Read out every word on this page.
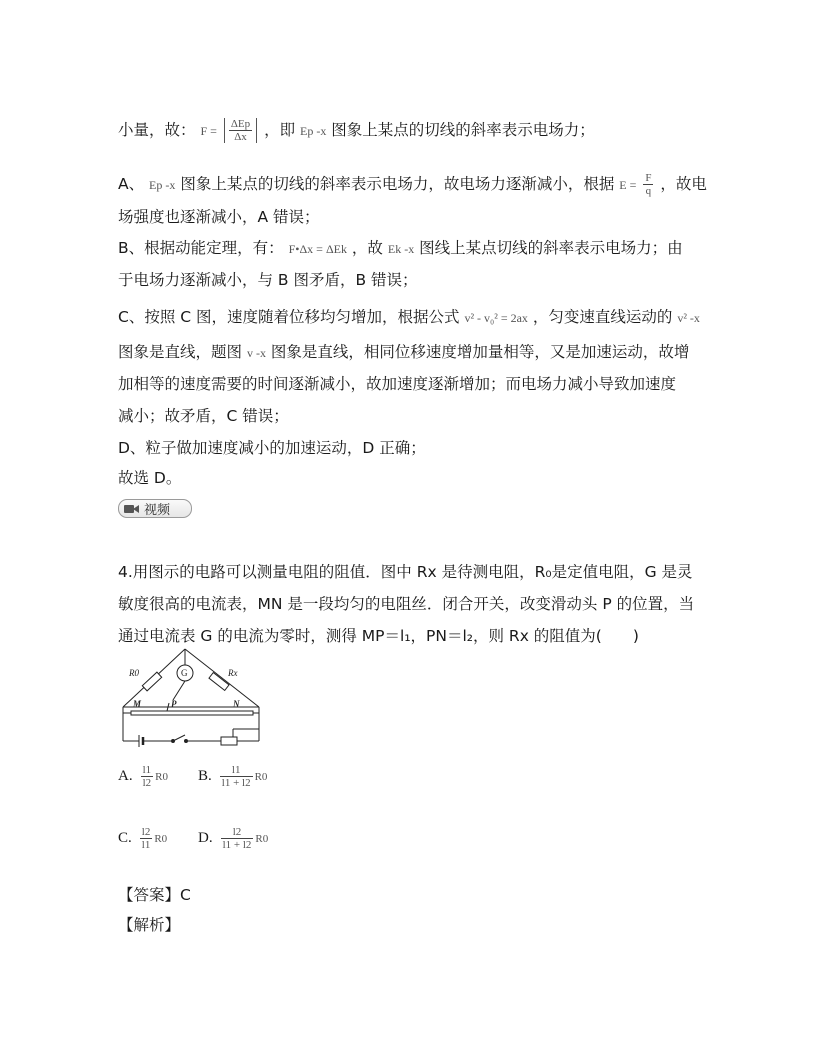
小量，故： $F = \frac{\text{ΔEp}}{\Delta x}$ ，即 Ep -x 图象上某点的切线的斜率表示电场力；
A、 Ep -x 图象上某点的切线的斜率表示电场力，故电场力逐渐减小，根据 $E = \frac{F}{q}$ ，故电
场强度也逐渐减小，A 错误；
B、根据动能定理，有： F•Δx = ΔEk ，故 Ek -x 图线上某点切线的斜率表示电场力；由
于电场力逐渐减小，与 B 图矛盾，B 错误；
C、按照 C 图，速度随着位移均匀增加，根据公式 v² - v₀² = 2ax ，匀变速直线运动的 v² -x
图象是直线，题图 v -x 图象是直线，相同位移速度增加量相等，又是加速运动，故增
加相等的速度需要的时间逐渐减小，故加速度逐渐增加；而电场力减小导致加速度
减小；故矛盾，C 错误；
D、粒子做加速度减小的加速运动，D 正确；
故选 D。
视频
4.用图示的电路可以测量电阻的阻值．图中 Rx 是待测电阻，R₀是定值电阻，G 是灵
敏度很高的电流表，MN 是一段均匀的电阻丝．闭合开关，改变滑动头 P 的位置，当
通过电流表 G 的电流为零时，测得 MP＝l₁，PN＝l₂，则 Rx 的阻值为(　　)
R0	Rx
G
M	P	N
A. $\frac{l1}{l2} R0$ B. $\frac{l1}{l1 + l2} R0$
C. $\frac{l2}{l1} R0$ D. $\frac{l2}{l1 + l2} R0$
【答案】C
【解析】
